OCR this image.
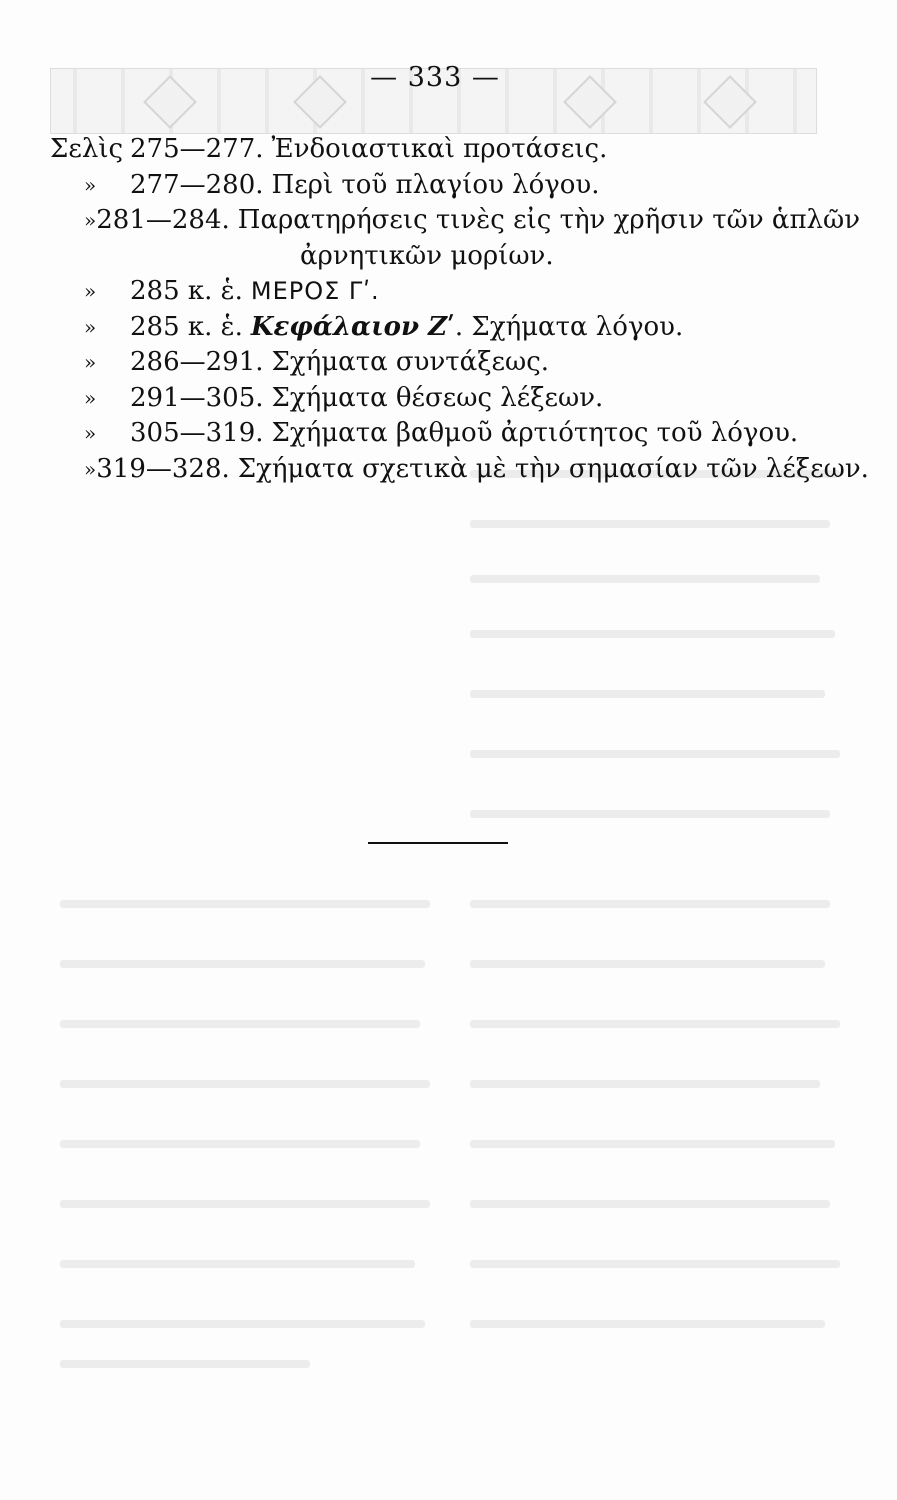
— 333 —
Σελὶς 275—277. Ἐνδοιαστικαὶ προτάσεις.
»	277—280. Περὶ τοῦ πλαγίου λόγου.
» 281—284. Παρατηρήσεις τινὲς εἰς τὴν χρῆσιν τῶν ἁπλῶν
ἀρνητικῶν μορίων.
»	285 κ. ἑ. ΜΕΡΟΣ Γʹ.
»	285 κ. ἑ. Κεφάλαιον Ζʹ. Σχήματα λόγου.
»	286—291. Σχήματα συντάξεως.
»	291—305. Σχήματα θέσεως λέξεων.
»	305—319. Σχήματα βαθμοῦ ἀρτιότητος τοῦ λόγου.
» 319—328. Σχήματα σχετικὰ μὲ τὴν σημασίαν τῶν λέξεων.
